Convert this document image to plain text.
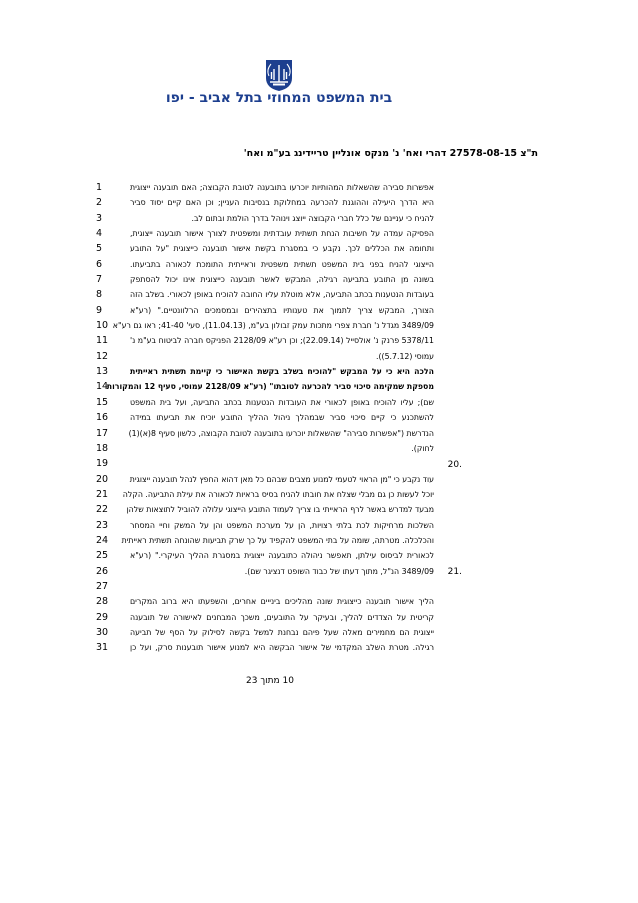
בית המשפט המחוזי בתל אביב - יפו
ת"צ 27578-08-15 דהרי ואח' נ' מנקס אונליין טריידינג בע"מ ואח'
1
2
3
4
5
6
7
8
9
10
11
12
13
14
15
16
17
18
19
20
21
22
23
24
25
26
27
28
29
30
31
אפשרות סבירה שהשאלות המהותיות יוכרעו בתובענה לטובת הקבוצה; האם תובענה ייצוגית
היא הדרך היעילה וההוגנת להכרעה במחלוקת בנסיבות העניין; וכן האם קיים יסוד סביר
להניח כי עניינם של כלל חברי הקבוצה ייוצג וינוהל בדרך הולמת ובתום לב.
הפסיקה עמדה על חשיבות הנחת תשתית עובדתית ומשפטית לצורך אישור תובענה ייצוגית,
ותחומה את הכללים לכך. נקבע כי במסגרת בקשת אישור תובענה כייצוגית "על התובע
הייצוגי להניח בפני בית המשפט תשתית משפטית וראייתית התומכת לכאורה בתביעתו.
בשונה מן התובע בתביעה רגילה, המבקש לאשר תובענה כייצוגית אינו יכול להסתפק
בעובדות הנטענות בכתב התביעה, אלא מוטלת עליו החובה להוכיח באופן לכאורי. בשלב הזה
הצורך, המבקש צריך לתמוך את טענותיו בתצהירים ובמסמכים הרלוונטיים." (רע"א
3489/09 מגדל נ' חברת צפרי מתכות עמק זבולון בע"מ, (11.04.13), סעי' 41-40; ראו גם רע"א
5378/11 פרנק נ' אולסייל (22.09.14); וכן רע"א 2128/09 הפניקס חברה לביטוח בע"מ נ'
עמוסי (5.7.12)).
הלכה היא כי על המבקש "להוכיח בשלב בקשת האישור כי קיימת תשתית ראייתית
מספקת שמקימה סיכוי סביר להכרעה לטובתו" (רע"א 2128/09 עמוסי, סעיף 12 והמקורות
שם); עליו להוכיח באופן לכאורי את העובדות הנטענות בכתב התביעה, ועל בית המשפט
להשתכנע כי קיים סיכוי סביר שבמהלך ניהול ההליך התובע יוכיח את תביעתו במידה
הנדרשת ("אפשרות סבירה" שהשאלות יוכרעו בתובענה לטובת הקבוצה, כלשון סעיף 8(א)(1)
לחוק).
עוד נקבע כי "מן הראוי לטעמי למנוע מצבים שבהם כל מאן דהוא החפץ לנהל תובענה ייצוגית
יוכל לעשות כן גם מבלי שצלח את חובתו להניח בסיס בראיות לכאורה את עילת התביעה. הקלה
מבעד למדרש באשר לרף הראייתי בו צריך לעמוד התובע הייצוגי עלולה להוביל לתוצאות שלהן
השלכות מרחיקות לכת בלתי רצויות, הן על מערכת המשפט והן על המשק וחיי המסחר
והכלכלה. מטרתה, שומה על בתי המשפט להקפיד על כך שרק תביעות שהונחה תשתית ראייתית
לכאורית לביסוס עילתן, תאפשר ניהולה כתובענה ייצוגית במסגרת ההליך העיקרי." (רע"א
3489/09 הנ"ל, מתוך דעתו של כבוד השופט דנציגר שם).
הליך אישור תובענה כייצוגית שונה מהליכים בינייים אחרים, והשפעתו היא ברוב המקרים
קריטית על הצדדים להליך, ובעיקר על התובעים, משכך המבחנים לאישורה של תובענה
ייצוגית הם מחמירים מאלה שעל פיהם נבחנת למשל בקשה לסילוק על הסף של תביעה
רגילה. מטרת השלב המקדמי של אישור הבקשה היא למנוע אישור תובענות סרק, ועל כן
20.
21.
10 מתוך 23
